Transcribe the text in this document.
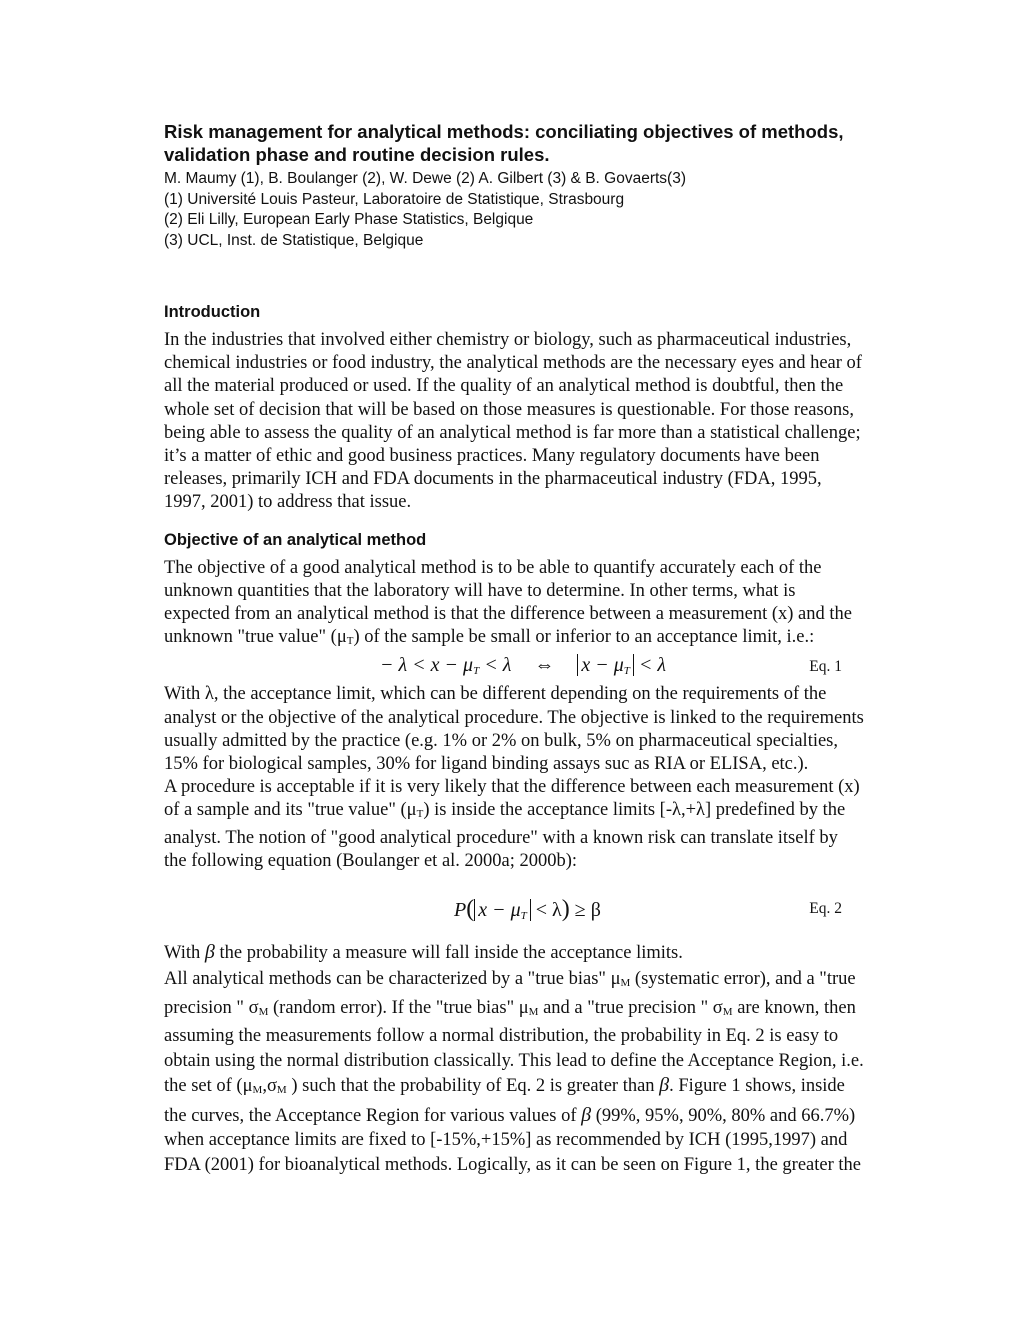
Risk management for analytical methods: conciliating objectives of methods, validation phase and routine decision rules.

M. Maumy (1), B. Boulanger (2), W. Dewe (2) A. Gilbert (3) & B. Govaerts(3)

(1) Université Louis Pasteur, Laboratoire de Statistique, Strasbourg

(2) Eli Lilly, European Early Phase Statistics, Belgique

(3) UCL, Inst. de Statistique, Belgique

Introduction

In the industries that involved either chemistry or biology, such as pharmaceutical industries, chemical industries or food industry, the analytical methods are the necessary eyes and hear of all the material produced or used. If the quality of an analytical method is doubtful, then the whole set of decision that will be based on those measures is questionable. For those reasons, being able to assess the quality of an analytical method is far more than a statistical challenge; it’s a matter of ethic and good business practices. Many regulatory documents have been releases, primarily ICH and FDA documents in the pharmaceutical industry (FDA, 1995, 1997, 2001) to address that issue.

Objective of an analytical method

The objective of a good analytical method is to be able to quantify accurately each of the unknown quantities that the laboratory will have to determine. In other terms, what is expected from an analytical method is that the difference between a measurement (x) and the unknown "true value" (μT) of the sample be small or inferior to an acceptance limit, i.e.:

− $\lambda < x - \mu_T < \lambda$ ⇔ $x - \mu_T < \lambda$	Eq. 1

With λ, the acceptance limit, which can be different depending on the requirements of the analyst or the objective of the analytical procedure. The objective is linked to the requirements usually admitted by the practice (e.g. 1% or 2% on bulk, 5% on pharmaceutical specialties, 15% for biological samples, 30% for ligand binding assays suc as RIA or ELISA, etc.).

A procedure is acceptable if it is very likely that the difference between each measurement (x) of a sample and its "true value" (μT) is inside the acceptance limits [-λ,+λ] predefined by the analyst. The notion of "good analytical procedure" with a known risk can translate itself by the following equation (Boulanger et al. 2000a; 2000b):

P( $x - \mu_T < \lambda) \ge \beta$	Eq. 2

With β the probability a measure will fall inside the acceptance limits.

All analytical methods can be characterized by a "true bias" μM (systematic error), and a "true precision " σM (random error). If the "true bias" μM and a "true precision " σM are known, then assuming the measurements follow a normal distribution, the probability in Eq. 2 is easy to obtain using the normal distribution classically. This lead to define the Acceptance Region, i.e. the set of (μM,σM ) such that the probability of Eq. 2 is greater than β. Figure 1 shows, inside the curves, the Acceptance Region for various values of β (99%, 95%, 90%, 80% and 66.7%) when acceptance limits are fixed to [-15%,+15%] as recommended by ICH (1995,1997) and FDA (2001) for bioanalytical methods. Logically, as it can be seen on Figure 1, the greater the
